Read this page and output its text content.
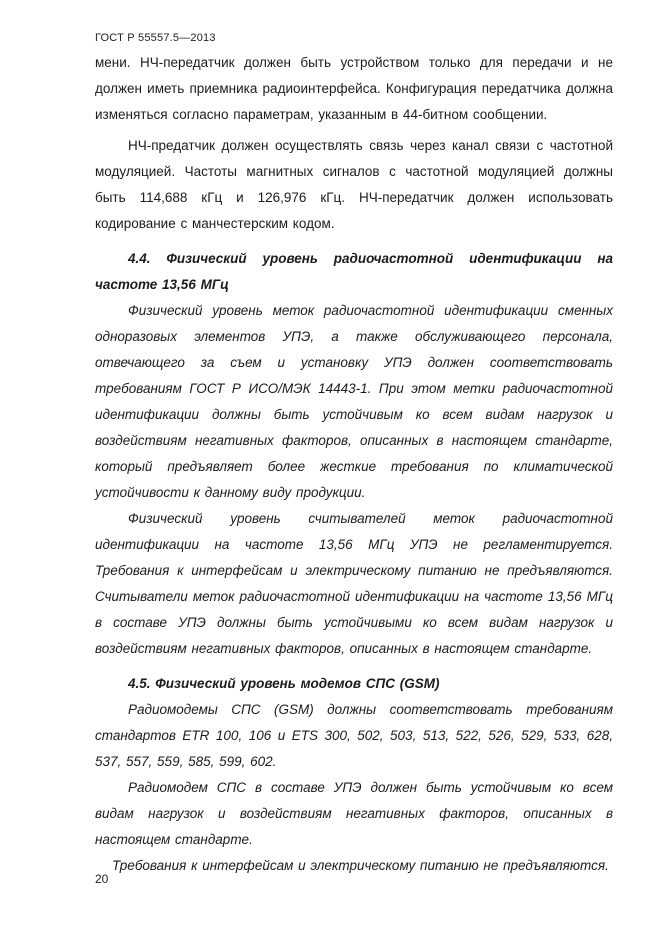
ГОСТ Р 55557.5—2013

мени. НЧ-передатчик должен быть устройством только для передачи и не должен иметь приемника радиоинтерфейса. Конфигурация передатчика должна изменяться согласно параметрам, указанным в 44-битном сообщении.

НЧ-предатчик должен осуществлять связь через канал связи с частотной модуляцией. Частоты магнитных сигналов с частотной модуляцией должны быть 114,688 кГц и 126,976 кГц. НЧ-передатчик должен использовать кодирование с манчестерским кодом.

4.4. Физический уровень радиочастотной идентификации на частоте 13,56 МГц

Физический уровень меток радиочастотной идентификации сменных одноразовых элементов УПЭ, а также обслуживающего персонала, отвечающего за съем и установку УПЭ должен соответствовать требованиям ГОСТ Р ИСО/МЭК 14443-1. При этом метки радиочастотной идентификации должны быть устойчивым ко всем видам нагрузок и воздействиям негативных факторов, описанных в настоящем стандарте, который предъявляет более жесткие требования по климатической устойчивости к данному виду продукции.

Физический уровень считывателей меток радиочастотной идентификации на частоте 13,56 МГц УПЭ не регламентируется. Требования к интерфейсам и электрическому питанию не предъявляются. Считыватели меток радиочастотной идентификации на частоте 13,56 МГц в составе УПЭ должны быть устойчивыми ко всем видам нагрузок и воздействиям негативных факторов, описанных в настоящем стандарте.

4.5. Физический уровень модемов СПС (GSM)

Радиомодемы СПС (GSM) должны соответствовать требованиям стандартов ETR 100, 106 и ETS 300, 502, 503, 513, 522, 526, 529, 533, 628, 537, 557, 559, 585, 599, 602.

Радиомодем СПС в составе УПЭ должен быть устойчивым ко всем видам нагрузок и воздействиям негативных факторов, описанных в настоящем стандарте.

Требования к интерфейсам и электрическому питанию не предъявляются.

20
